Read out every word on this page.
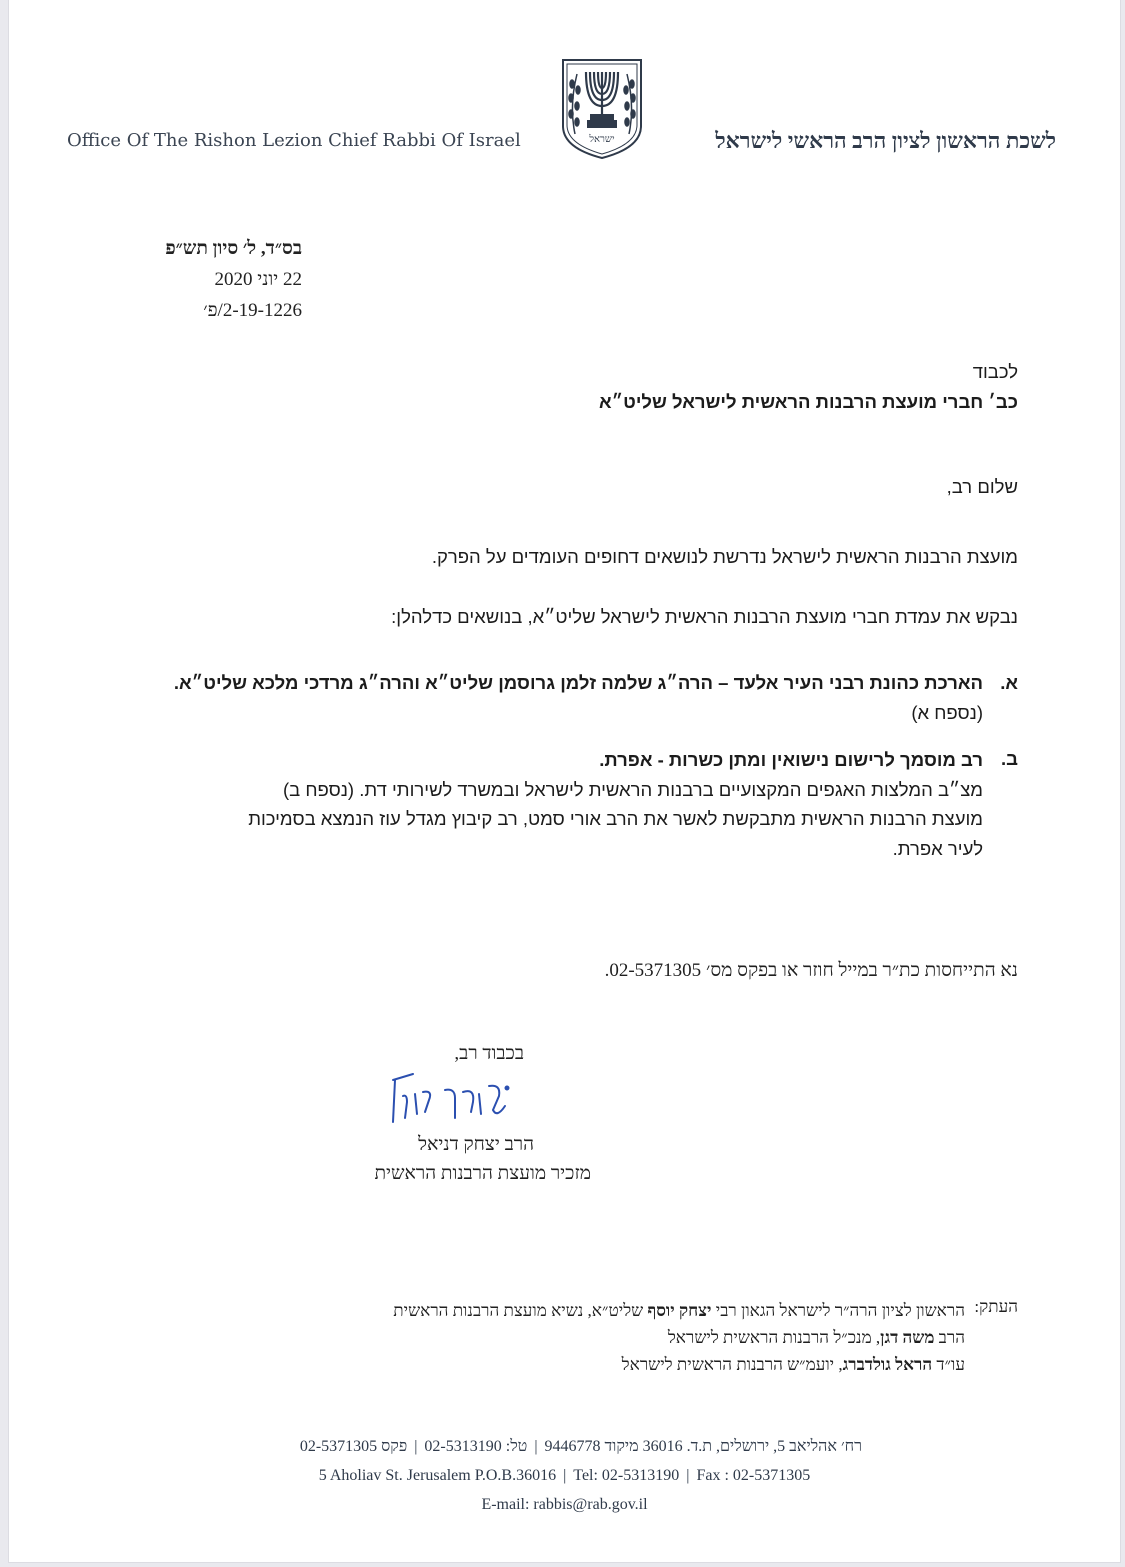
Office Of The Rishon Lezion Chief Rabbi Of Israel	ישראל	לשכת הראשון לציון הרב הראשי לישראל
בס״ד, ל׳ סיון תש״פ
22 יוני 2020
2-19-1226/פ׳
לכבוד
כב׳ חברי מועצת הרבנות הראשית לישראל שליט״א
שלום רב,
מועצת הרבנות הראשית לישראל נדרשת לנושאים דחופים העומדים על הפרק.
נבקש את עמדת חברי מועצת הרבנות הראשית לישראל שליט״א, בנושאים כדלהלן:
א.
הארכת כהונת רבני העיר אלעד – הרה״ג שלמה זלמן גרוסמן שליט״א והרה״ג מרדכי מלכא שליט״א.
(נספח א)
ב.
רב מוסמך לרישום נישואין ומתן כשרות - אפרת.
מצ״ב המלצות האגפים המקצועיים ברבנות הראשית לישראל ובמשרד לשירותי דת. (נספח ב)
מועצת הרבנות הראשית מתבקשת לאשר את הרב אורי סמט, רב קיבוץ מגדל עוז הנמצא בסמיכות
לעיר אפרת.
נא התייחסות כת״ר במייל חוזר או בפקס מס׳ 02-5371305.
בכבוד רב,
הרב יצחק דניאל
מזכיר מועצת הרבנות הראשית
העתק:
הראשון לציון הרה״ר לישראל הגאון רבי יצחק יוסף שליט״א, נשיא מועצת הרבנות הראשית
הרב משה דגן, מנכ״ל הרבנות הראשית לישראל
עו״ד הראל גולדברג, יועמ״ש הרבנות הראשית לישראל
רח׳ אהליאב 5, ירושלים, ת.ד. 36016 מיקוד 9446778|טל: 02-5313190|פקס 02-5371305
5 Aholiav St. Jerusalem P.O.B.36016 | Tel: 02-5313190 | Fax : 02-5371305
E-mail: rabbis@rab.gov.il
